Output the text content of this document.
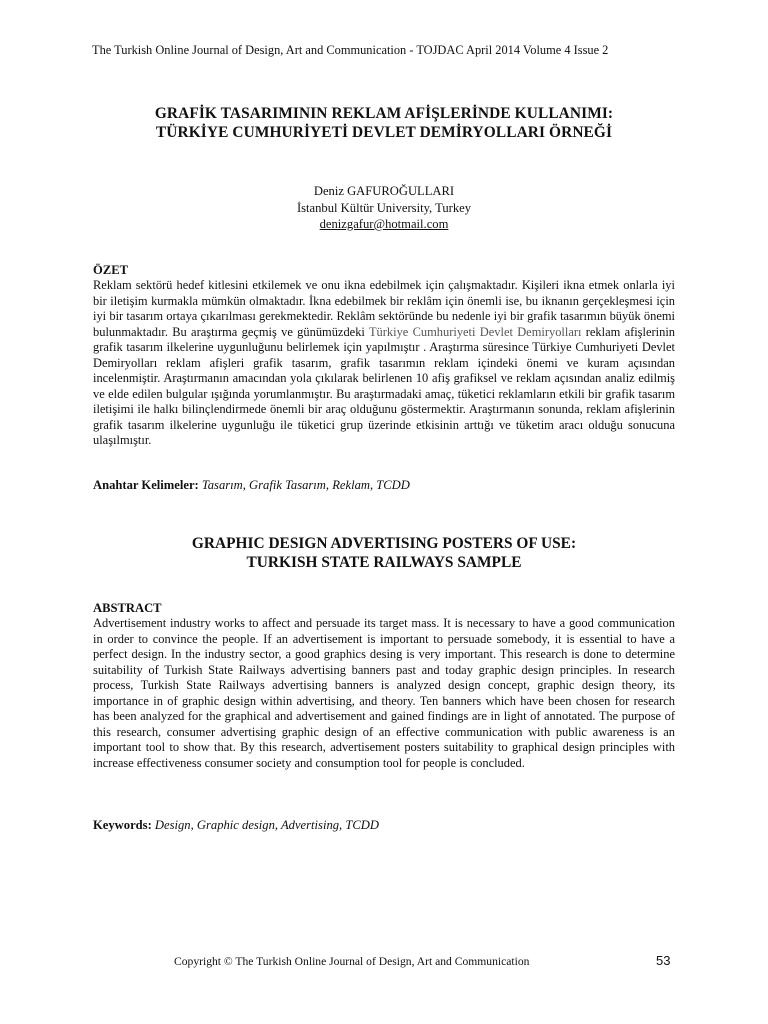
The Turkish Online Journal of Design, Art and Communication - TOJDAC April 2014 Volume 4 Issue 2
GRAFİK TASARIMININ REKLAM AFİŞLERİNDE KULLANIMI:
TÜRKİYE CUMHURİYETİ DEVLET DEMİRYOLLARI ÖRNEĞİ
Deniz GAFUROĞULLARI
İstanbul Kültür University, Turkey
denizgafur@hotmail.com
ÖZET

Reklam sektörü hedef kitlesini etkilemek ve onu ikna edebilmek için çalışmaktadır. Kişileri ikna etmek onlarla iyi bir iletişim kurmakla mümkün olmaktadır. İkna edebilmek bir reklâm için önemli ise, bu iknanın gerçekleşmesi için iyi bir tasarım ortaya çıkarılması gerekmektedir. Reklâm sektöründe bu nedenle iyi bir grafik tasarımın büyük önemi bulunmaktadır. Bu araştırma geçmiş ve günümüzdeki Türkiye Cumhuriyeti Devlet Demiryolları reklam afişlerinin grafik tasarım ilkelerine uygunluğunu belirlemek için yapılmıştır . Araştırma süresince Türkiye Cumhuriyeti Devlet Demiryolları reklam afişleri grafik tasarım, grafik tasarımın reklam içindeki önemi ve kuram açısından incelenmiştir. Araştırmanın amacından yola çıkılarak belirlenen 10 afiş grafiksel ve reklam açısından analiz edilmiş ve elde edilen bulgular ışığında yorumlanmıştır. Bu araştırmadaki amaç, tüketici reklamların etkili bir grafik tasarım iletişimi ile halkı bilinçlendirmede önemli bir araç olduğunu göstermektir. Araştırmanın sonunda, reklam afişlerinin grafik tasarım ilkelerine uygunluğu ile tüketici grup üzerinde etkisinin arttığı ve tüketim aracı olduğu sonucuna ulaşılmıştır.

Anahtar Kelimeler: Tasarım, Grafik Tasarım, Reklam, TCDD
GRAPHIC DESIGN ADVERTISING POSTERS OF USE:
TURKISH STATE RAILWAYS SAMPLE
ABSTRACT

Advertisement industry works to affect and persuade its target mass. It is necessary to have a good communication in order to convince the people. If an advertisement is important to persuade somebody, it is essential to have a perfect design. In the industry sector, a good graphics desing is very important. This research is done to determine suitability of Turkish State Railways advertising banners past and today graphic design principles. In research process, Turkish State Railways advertising banners is analyzed design concept, graphic design theory, its importance in of graphic design within advertising, and theory. Ten banners which have been chosen for research has been analyzed for the graphical and advertisement and gained findings are in light of annotated. The purpose of this research, consumer advertising graphic design of an effective communication with public awareness is an important tool to show that. By this research, advertisement posters suitability to graphical design principles with increase effectiveness consumer society and consumption tool for people is concluded.

Keywords: Design, Graphic design, Advertising, TCDD
Copyright © The Turkish Online Journal of Design, Art and Communication	53
